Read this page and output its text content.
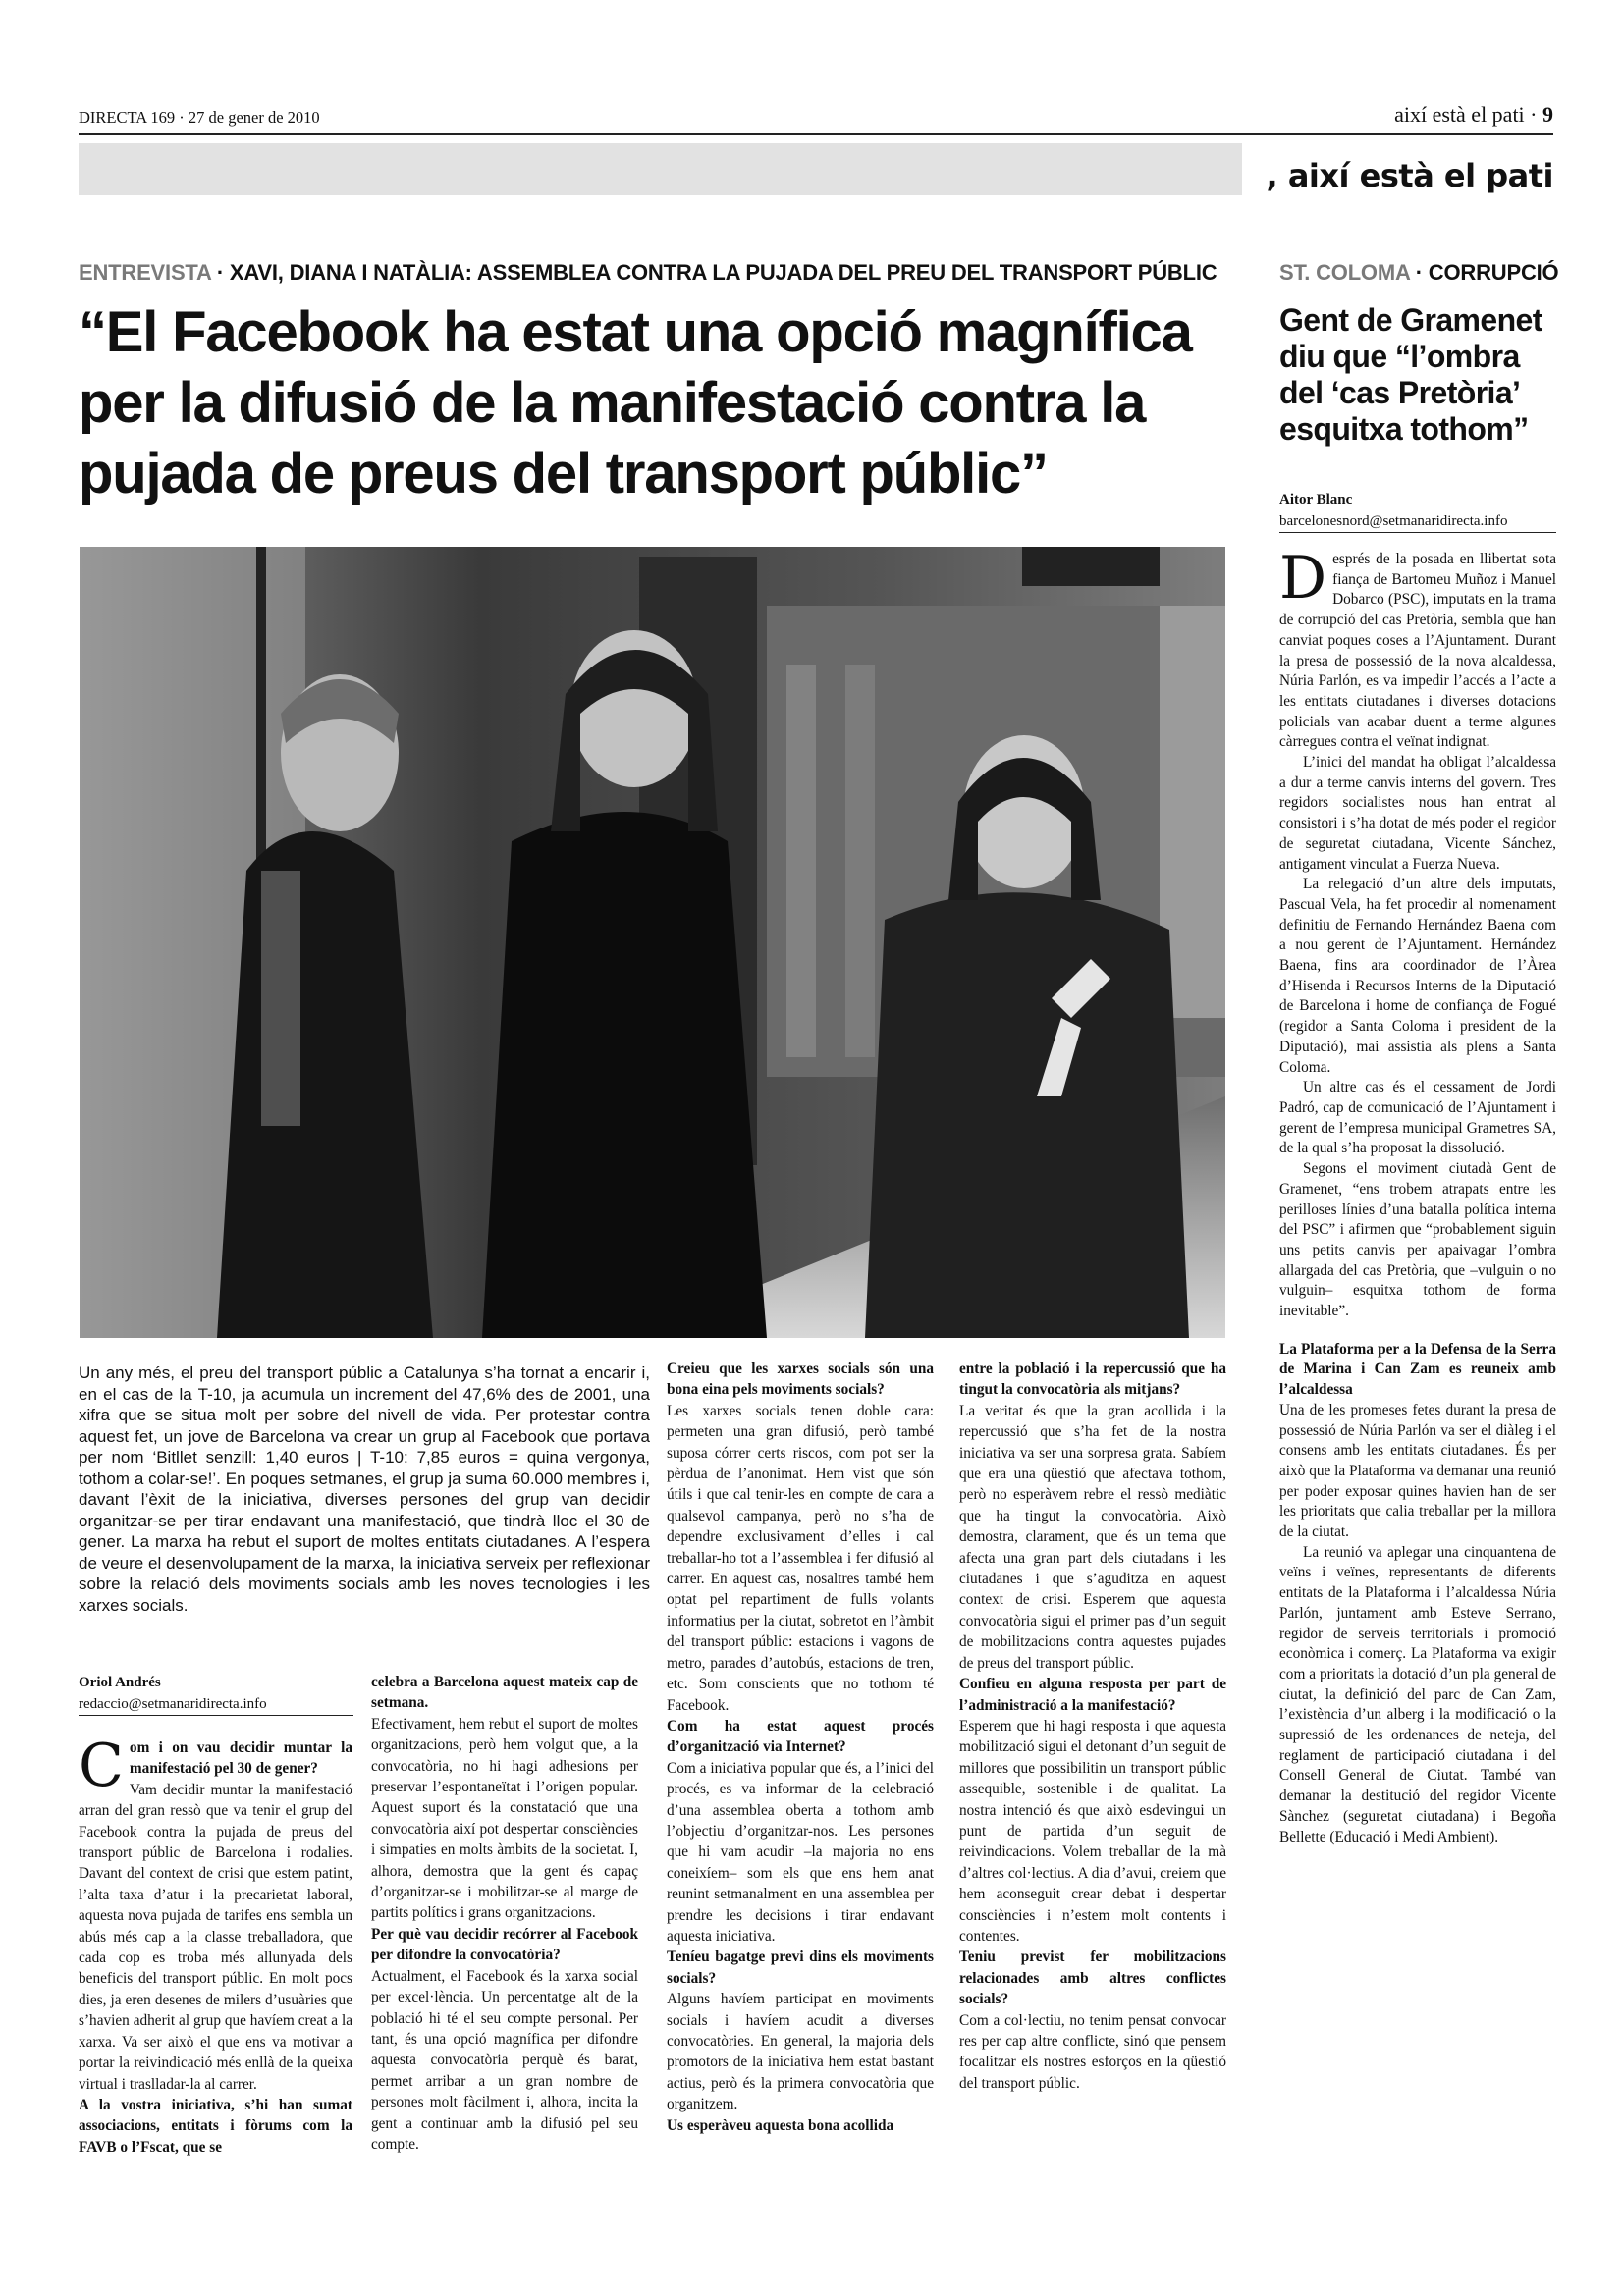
DIRECTA 169 · 27 de gener de 2010	així està el pati · 9
, així està el pati
ENTREVISTA · XAVI, DIANA I NATÀLIA: ASSEMBLEA CONTRA LA PUJADA DEL PREU DEL TRANSPORT PÚBLIC
“El Facebook ha estat una opció magnífica per la difusió de la manifestació contra la pujada de preus del transport públic”
ST. COLOMA · CORRUPCIÓ
Gent de Gramenet diu que “l’ombra del ‘cas Pretòria’ esquitxa tothom”
Aitor Blanc

barcelonesnord@setmanaridirecta.info
Un any més, el preu del transport públic a Catalunya s’ha tornat a encarir i, en el cas de la T-10, ja acumula un increment del 47,6% des de 2001, una xifra que se situa molt per sobre del nivell de vida. Per protestar contra aquest fet, un jove de Barcelona va crear un grup al Facebook que portava per nom ‘Bitllet senzill: 1,40 euros | T-10: 7,85 euros = quina vergonya, tothom a colar-se!’. En poques setmanes, el grup ja suma 60.000 membres i, davant l’èxit de la iniciativa, diverses persones del grup van decidir organitzar-se per tirar endavant una manifestació, que tindrà lloc el 30 de gener. La marxa ha rebut el suport de moltes entitats ciutadanes. A l’espera de veure el desenvolupament de la marxa, la iniciativa serveix per reflexionar sobre la relació dels moviments socials amb les noves tecnologies i les xarxes socials.
Oriol Andrés

redaccio@setmanaridirecta.info
C om i on vau decidir muntar la manifestació pel 30 de gener?

Vam decidir muntar la manifestació arran del gran ressò que va tenir el grup del Facebook contra la pujada de preus del transport públic de Barcelona i rodalies. Davant del context de crisi que estem patint, l’alta taxa d’atur i la precarietat laboral, aquesta nova pujada de tarifes ens sembla un abús més cap a la classe treballadora, que cada cop es troba més allunyada dels beneficis del transport públic. En molt pocs dies, ja eren desenes de milers d’usuàries que s’havien adherit al grup que havíem creat a la xarxa. Va ser això el que ens va motivar a portar la reivindicació més enllà de la queixa virtual i traslladar-la al carrer.

A la vostra iniciativa, s’hi han sumat associacions, entitats i fòrums com la FAVB o l’Fscat, que se

celebra a Barcelona aquest mateix cap de setmana.

Efectivament, hem rebut el suport de moltes organitzacions, però hem volgut que, a la convocatòria, no hi hagi adhesions per preservar l’espontaneïtat i l’origen popular. Aquest suport és la constatació que una convocatòria així pot despertar consciències i simpaties en molts àmbits de la societat. I, alhora, demostra que la gent és capaç d’organitzar-se i mobilitzar-se al marge de partits polítics i grans organitzacions.

Per què vau decidir recórrer al Facebook per difondre la convocatòria?

Actualment, el Facebook és la xarxa social per excel·lència. Un percentatge alt de la població hi té el seu compte personal. Per tant, és una opció magnífica per difondre aquesta convocatòria perquè és barat, permet arribar a un gran nombre de persones molt fàcilment i, alhora, incita la gent a continuar amb la difusió pel seu compte.

Creieu que les xarxes socials són una bona eina pels moviments socials?

Les xarxes socials tenen doble cara: permeten una gran difusió, però també suposa córrer certs riscos, com pot ser la pèrdua de l’anonimat. Hem vist que són útils i que cal tenir-les en compte de cara a qualsevol campanya, però no s’ha de dependre exclusivament d’elles i cal treballar-ho tot a l’assemblea i fer difusió al carrer. En aquest cas, nosaltres també hem optat pel repartiment de fulls volants informatius per la ciutat, sobretot en l’àmbit del transport públic: estacions i vagons de metro, parades d’autobús, estacions de tren, etc. Som conscients que no tothom té Facebook.

Com ha estat aquest procés d’organització via Internet?

Com a iniciativa popular que és, a l’inici del procés, es va informar de la celebració d’una assemblea oberta a tothom amb l’objectiu d’organitzar-nos. Les persones que hi vam acudir –la majoria no ens coneixíem– som els que ens hem anat reunint setmanalment en una assemblea per prendre les decisions i tirar endavant aquesta iniciativa.

Teníeu bagatge previ dins els moviments socials?

Alguns havíem participat en moviments socials i havíem acudit a diverses convocatòries. En general, la majoria dels promotors de la iniciativa hem estat bastant actius, però és la primera convocatòria que organitzem.

Us esperàveu aquesta bona acollida

entre la població i la repercussió que ha tingut la convocatòria als mitjans?

La veritat és que la gran acollida i la repercussió que s’ha fet de la nostra iniciativa va ser una sorpresa grata. Sabíem que era una qüestió que afectava tothom, però no esperàvem rebre el ressò mediàtic que ha tingut la convocatòria. Això demostra, clarament, que és un tema que afecta una gran part dels ciutadans i les ciutadanes i que s’aguditza en aquest context de crisi. Esperem que aquesta convocatòria sigui el primer pas d’un seguit de mobilitzacions contra aquestes pujades de preus del transport públic.

Confieu en alguna resposta per part de l’administració a la manifestació?

Esperem que hi hagi resposta i que aquesta mobilització sigui el detonant d’un seguit de millores que possibilitin un transport públic assequible, sostenible i de qualitat. La nostra intenció és que això esdevingui un punt de partida d’un seguit de reivindicacions. Volem treballar de la mà d’altres col·lectius. A dia d’avui, creiem que hem aconseguit crear debat i despertar consciències i n’estem molt contents i contentes.

Teniu previst fer mobilitzacions relacionades amb altres conflictes socials?

Com a col·lectiu, no tenim pensat convocar res per cap altre conflicte, sinó que pensem focalitzar els nostres esforços en la qüestió del transport públic.

D esprés de la posada en llibertat sota fiança de Bartomeu Muñoz i Manuel Dobarco (PSC), imputats en la trama de corrupció del cas Pretòria, sembla que han canviat poques coses a l’Ajuntament. Durant la presa de possessió de la nova alcaldessa, Núria Parlón, es va impedir l’accés a l’acte a les entitats ciutadanes i diverses dotacions policials van acabar duent a terme algunes càrregues contra el veïnat indignat.

L’inici del mandat ha obligat l’alcaldessa a dur a terme canvis interns del govern. Tres regidors socialistes nous han entrat al consistori i s’ha dotat de més poder el regidor de seguretat ciutadana, Vicente Sánchez, antigament vinculat a Fuerza Nueva.

La relegació d’un altre dels imputats, Pascual Vela, ha fet procedir al nomenament definitiu de Fernando Hernández Baena com a nou gerent de l’Ajuntament. Hernández Baena, fins ara coordinador de l’Àrea d’Hisenda i Recursos Interns de la Diputació de Barcelona i home de confiança de Fogué (regidor a Santa Coloma i president de la Diputació), mai assistia als plens a Santa Coloma.

Un altre cas és el cessament de Jordi Padró, cap de comunicació de l’Ajuntament i gerent de l’empresa municipal Grametres SA, de la qual s’ha proposat la dissolució.

Segons el moviment ciutadà Gent de Gramenet, “ens trobem atrapats entre les perilloses línies d’una batalla política interna del PSC” i afirmen que “probablement siguin uns petits canvis per apaivagar l’ombra allargada del cas Pretòria, que –vulguin o no vulguin– esquitxa tothom de forma inevitable”.

La Plataforma per a la Defensa de la Serra de Marina i Can Zam es reuneix amb l’alcaldessa

Una de les promeses fetes durant la presa de possessió de Núria Parlón va ser el diàleg i el consens amb les entitats ciutadanes. És per això que la Plataforma va demanar una reunió per poder exposar quines havien han de ser les prioritats que calia treballar per la millora de la ciutat.

La reunió va aplegar una cinquantena de veïns i veïnes, representants de diferents entitats de la Plataforma i l’alcaldessa Núria Parlón, juntament amb Esteve Serrano, regidor de serveis territorials i promoció econòmica i comerç. La Plataforma va exigir com a prioritats la dotació d’un pla general de ciutat, la definició del parc de Can Zam, l’existència d’un alberg i la modificació o la supressió de les ordenances de neteja, del reglament de participació ciutadana i del Consell General de Ciutat. També van demanar la destitució del regidor Vicente Sànchez (seguretat ciutadana) i Begoña Bellette (Educació i Medi Ambient).
